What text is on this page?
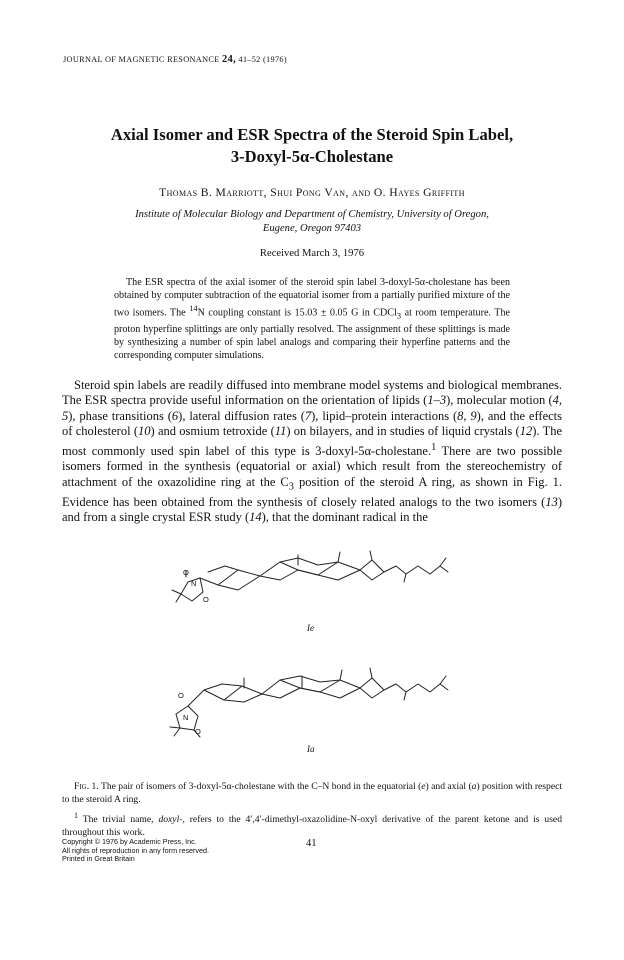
JOURNAL OF MAGNETIC RESONANCE 24, 41–52 (1976)
Axial Isomer and ESR Spectra of the Steroid Spin Label,
3-Doxyl-5α-Cholestane
Thomas B. Marriott, Shui Pong Van, and O. Hayes Griffith
Institute of Molecular Biology and Department of Chemistry, University of Oregon,
Eugene, Oregon 97403
Received March 3, 1976

The ESR spectra of the axial isomer of the steroid spin label 3-doxyl-5α-cholestane has been obtained by computer subtraction of the equatorial isomer from a partially purified mixture of the two isomers. The $^{14}$N coupling constant is 15.03 ± 0.05 G in CDCl$_3$ at room temperature. The proton hyperfine splittings are only partially resolved. The assignment of these splittings is made by synthesizing a number of spin label analogs and comparing their hyperfine patterns and the corresponding computer simulations.

Steroid spin labels are readily diffused into membrane model systems and biological membranes. The ESR spectra provide useful information on the orientation of lipids (1–3), molecular motion (4, 5), phase transitions (6), lateral diffusion rates (7), lipid–protein interactions (8, 9), and the effects of cholesterol (10) and osmium tetroxide (11) on bilayers, and in studies of liquid crystals (12). The most commonly used spin label of this type is 3-doxyl-5α-cholestane.$^1$ There are two possible isomers formed in the synthesis (equatorial or axial) which result from the stereochemistry of attachment of the oxazolidine ring at the $C_3$ position of the steroid A ring, as shown in Fig. 1. Evidence has been obtained from the synthesis of closely related analogs to the two isomers (13) and from a single crystal ESR study (14), that the dominant radical in the

O
N
O
O
N
O
Ie
Ia

Fig. 1. The pair of isomers of 3-doxyl-5α-cholestane with the C–N bond in the equatorial (e) and axial (a) position with respect to the steroid A ring.

$^1$ The trivial name, doxyl-, refers to the 4′,4′-dimethyl-oxazolidine-N-oxyl derivative of the parent ketone and is used throughout this work.

Copyright © 1976 by Academic Press, Inc.
All rights of reproduction in any form reserved.
Printed in Great Britain
41
